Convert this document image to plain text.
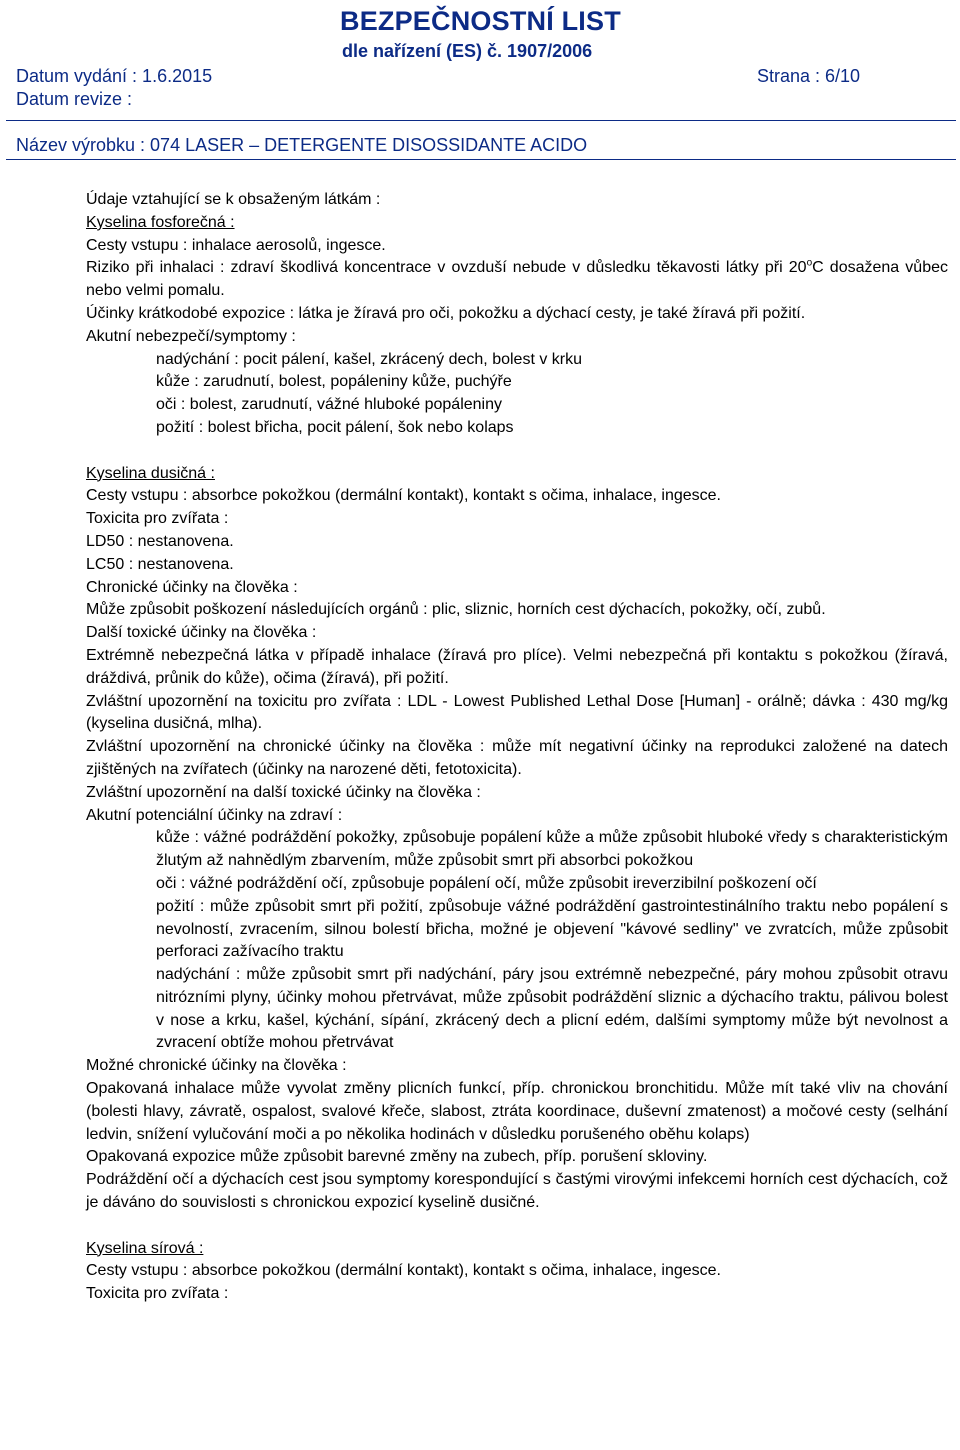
BEZPEČNOSTNÍ LIST
dle nařízení (ES) č. 1907/2006
Datum vydání : 1.6.2015	Strana : 6/10
Datum revize :
Název výrobku : 074 LASER – DETERGENTE DISOSSIDANTE ACIDO

Údaje vztahující se k obsaženým látkám :

Kyselina fosforečná :

Cesty vstupu : inhalace aerosolů, ingesce.

Riziko při inhalaci : zdraví škodlivá koncentrace v ovzduší nebude v důsledku těkavosti látky při 20$^o$C dosažena vůbec nebo velmi pomalu.

Účinky krátkodobé expozice : látka je žíravá pro oči, pokožku a dýchací cesty, je také žíravá při požití.

Akutní nebezpečí/symptomy :

nadýchání : pocit pálení, kašel, zkrácený dech, bolest v krku

kůže : zarudnutí, bolest, popáleniny kůže, puchýře

oči : bolest, zarudnutí, vážné hluboké popáleniny

požití : bolest břicha, pocit pálení, šok nebo kolaps

Kyselina dusičná :

Cesty vstupu : absorbce pokožkou (dermální kontakt), kontakt s očima, inhalace, ingesce.

Toxicita pro zvířata :

LD50 : nestanovena.

LC50 : nestanovena.

Chronické účinky na člověka :

Může způsobit poškození následujících orgánů : plic, sliznic, horních cest dýchacích, pokožky, očí, zubů.

Další toxické účinky na člověka :

Extrémně nebezpečná látka v případě inhalace (žíravá pro plíce). Velmi nebezpečná při kontaktu s pokožkou (žíravá, dráždivá, průnik do kůže), očima (žíravá), při požití.

Zvláštní upozornění na toxicitu pro zvířata : LDL - Lowest Published Lethal Dose [Human] - orálně; dávka : 430 mg/kg (kyselina dusičná, mlha).

Zvláštní upozornění na chronické účinky na člověka : může mít negativní účinky na reprodukci založené na datech zjištěných na zvířatech (účinky na narozené děti, fetotoxicita).

Zvláštní upozornění na další toxické účinky na člověka :

Akutní potenciální účinky na zdraví :

kůže : vážné podráždění pokožky, způsobuje popálení kůže a může způsobit hluboké vředy s charakteristickým žlutým až nahnědlým zbarvením, může způsobit smrt při absorbci pokožkou

oči : vážné podráždění očí, způsobuje popálení očí, může způsobit ireverzibilní poškození očí

požití : může způsobit smrt při požití, způsobuje vážné podráždění gastrointestinálního traktu nebo popálení s nevolností, zvracením, silnou bolestí břicha, možné je objevení "kávové sedliny" ve zvratcích, může způsobit perforaci zažívacího traktu

nadýchání : může způsobit smrt při nadýchání, páry jsou extrémně nebezpečné, páry mohou způsobit otravu nitrózními plyny, účinky mohou přetrvávat, může způsobit podráždění sliznic a dýchacího traktu, pálivou bolest v nose a krku, kašel, kýchání, sípání, zkrácený dech a plicní edém, dalšími symptomy může být nevolnost a zvracení obtíže mohou přetrvávat

Možné chronické účinky na člověka :

Opakovaná inhalace může vyvolat změny plicních funkcí, příp. chronickou bronchitidu. Může mít také vliv na chování (bolesti hlavy, závratě, ospalost, svalové křeče, slabost, ztráta koordinace, duševní zmatenost) a močové cesty (selhání ledvin, snížení vylučování moči a po několika hodinách v důsledku porušeného oběhu kolaps)

Opakovaná expozice může způsobit barevné změny na zubech, příp. porušení skloviny.

Podráždění očí a dýchacích cest jsou symptomy korespondující s častými virovými infekcemi horních cest dýchacích, což je dáváno do souvislosti s chronickou expozicí kyselině dusičné.

Kyselina sírová :

Cesty vstupu : absorbce pokožkou (dermální kontakt), kontakt s očima, inhalace, ingesce.

Toxicita pro zvířata :
